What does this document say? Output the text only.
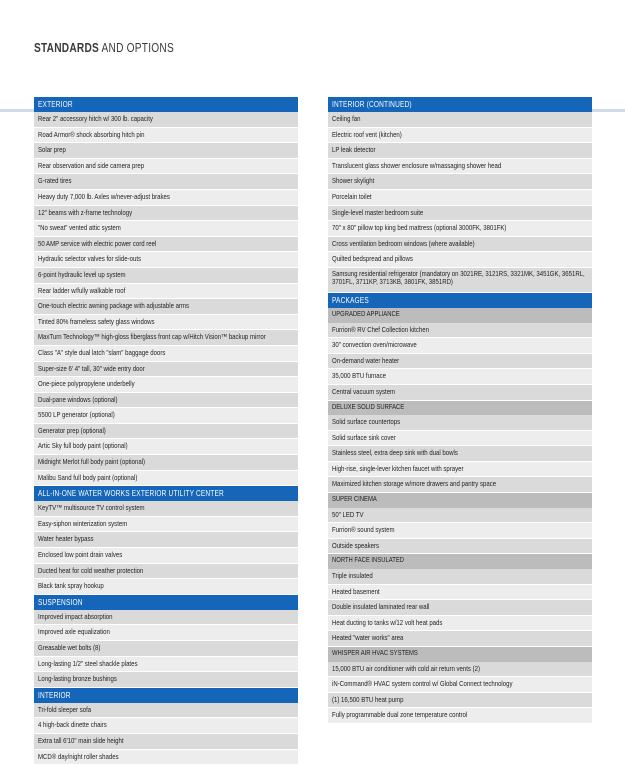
STANDARDS AND OPTIONS
EXTERIOR
Rear 2" accessory hitch w/ 300 lb. capacity
Road Armor® shock absorbing hitch pin
Solar prep
Rear observation and side camera prep
G-rated tires
Heavy duty 7,000 lb. Axles w/never-adjust brakes
12" beams with z-frame technology
"No sweat" vented attic system
50 AMP service with electric power cord reel
Hydraulic selector valves for slide-outs
6-point hydraulic level up system
Rear ladder w/fully walkable roof
One-touch electric awning package with adjustable arms
Tinted 80% frameless safety glass windows
MaxTurn Technology™ high-gloss fiberglass front cap w/Hitch Vision™ backup mirror
Class "A" style dual latch "slam" baggage doors
Super-size 6' 4" tall, 30" wide entry door
One-piece polypropylene underbelly
Dual-pane windows (optional)
5500 LP generator (optional)
Generator prep (optional)
Artic Sky full body paint (optional)
Midnight Merlot full body paint (optional)
Malibu Sand full body paint (optional)
ALL-IN-ONE WATER WORKS EXTERIOR UTILITY CENTER
KeyTV™ multisource TV control system
Easy-siphon winterization system
Water heater bypass
Enclosed low point drain valves
Ducted heat for cold weather protection
Black tank spray hookup
SUSPENSION
Improved impact absorption
Improved axle equalization
Greasable wet bolts (8)
Long-lasting 1/2" steel shackle plates
Long-lasting bronze bushings
INTERIOR
Tri-fold sleeper sofa
4 high-back dinette chairs
Extra tall 6'10" main slide height
MCD® day/night roller shades
INTERIOR (CONTINUED)
Ceiling fan
Electric roof vent (kitchen)
LP leak detector
Translucent glass shower enclosure w/massaging shower head
Shower skylight
Porcelain toilet
Single-level master bedroom suite
70" x 80" pillow top king bed mattress (optional 3000FK, 3801FK)
Cross ventilation bedroom windows (where available)
Quilted bedspread and pillows
Samsung residential refrigerator (mandatory on 3021RE, 3121RS, 3321MK, 3451GK, 3651RL, 3701FL, 3711KP, 3713KB, 3801FK, 3851RD)
PACKAGES
UPGRADED APPLIANCE
Furrion® RV Chef Collection kitchen
30" convection oven/microwave
On-demand water heater
35,000 BTU furnace
Central vacuum system
DELUXE SOLID SURFACE
Solid surface countertops
Solid surface sink cover
Stainless steel, extra deep sink with dual bowls
High-rise, single-lever kitchen faucet with sprayer
Maximized kitchen storage w/more drawers and pantry space
SUPER CINEMA
50" LED TV
Furrion® sound system
Outside speakers
NORTH FACE INSULATED
Triple insulated
Heated basement
Double insulated laminated rear wall
Heat ducting to tanks w/12 volt heat pads
Heated "water works" area
WHISPER AIR HVAC SYSTEMS
15,000 BTU air conditioner with cold air return vents (2)
iN-Command® HVAC system control w/ Global Connect technology
(1) 16,500 BTU heat pump
Fully programmable dual zone temperature control
